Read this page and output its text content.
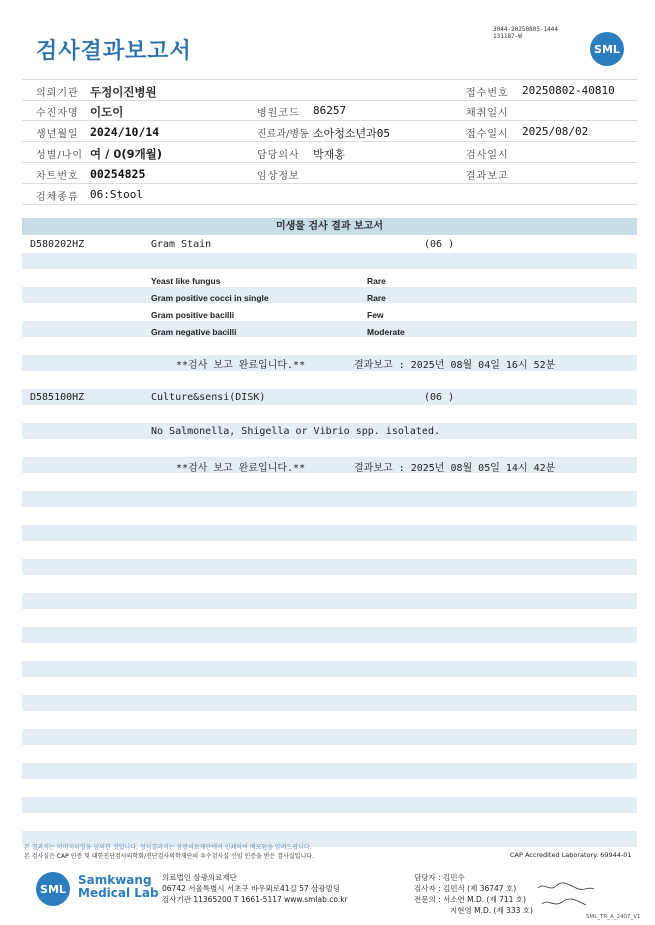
검사결과보고서
3044-20250805-1444
131187-W
SML
의뢰기관 두정이진병원	접수번호 20250802-40810
수진자명 이도이	병원코드 86257	채취일시
생년월일 2024/10/14	진료과/병동 소아청소년과05	접수일시 2025/08/02
성별/나이 여 / 0(9개월)	담당의사 박재홍	검사일시
차트번호 00254825	임상정보	결과보고
검체종류 06:Stool
미생물 검사 결과 보고서
D580202HZ	Gram Stain	(06 )
Yeast like fungus	Rare
Gram positive cocci in single	Rare
Gram positive bacilli	Few
Gram negative bacilli	Moderate
**검사 보고 완료입니다.**	결과보고 : 2025년 08월 04일 16시 52분
D585100HZ	Culture&sensi(DISK)	(06 )
No Salmonella, Shigella or Vibrio spp. isolated.
**검사 보고 완료입니다.**	결과보고 : 2025년 08월 05일 14시 42분
본 결과지는 이미지파일을 임의한 것입니다. 정식결과지는 삼광의료재단에서 인쇄하여 배포됨을 알려드립니다.
본 검사실은 CAP 인증 및 대한진단검사의학회/진단검사의학재단의 우수검사실 신임 인증을 받은 검사실입니다.	CAP Accredited Laboratory. 69944-01
SML
Samkwang
Medical Lab
의료법인 삼광의료재단
06742 서울특별시 서초구 바우뫼로41길 57 삼광빌딩
검사기관 11365200 T 1661-5117 www.smlab.co.kr
담당자 : 김민수
검사자 : 김민식 (제 36747 호)
전문의 : 서소연 M.D. (제 711 호)
지현영 M.D. (제 333 호)
SML_TR_A_2407_V1
